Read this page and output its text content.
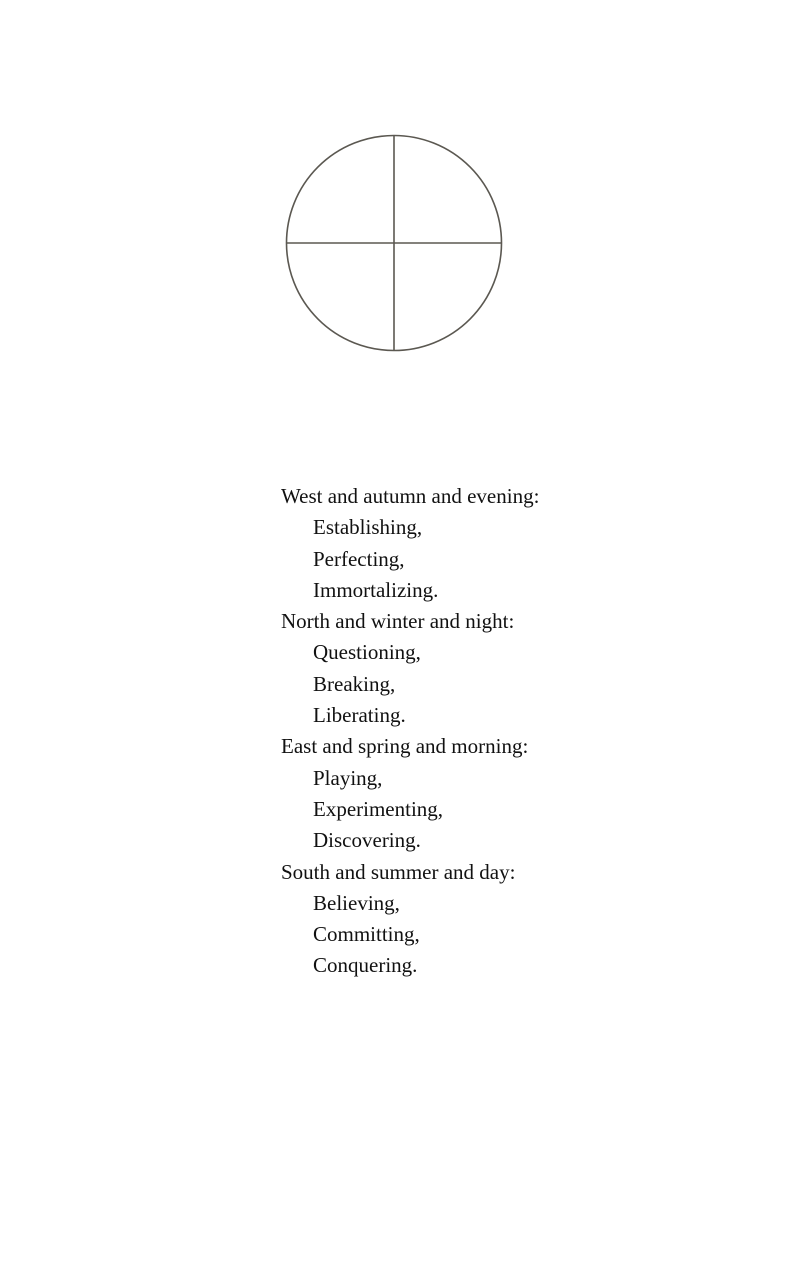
West and autumn and evening:
Establishing,
Perfecting,
Immortalizing.
North and winter and night:
Questioning,
Breaking,
Liberating.
East and spring and morning:
Playing,
Experimenting,
Discovering.
South and summer and day:
Believing,
Committing,
Conquering.
